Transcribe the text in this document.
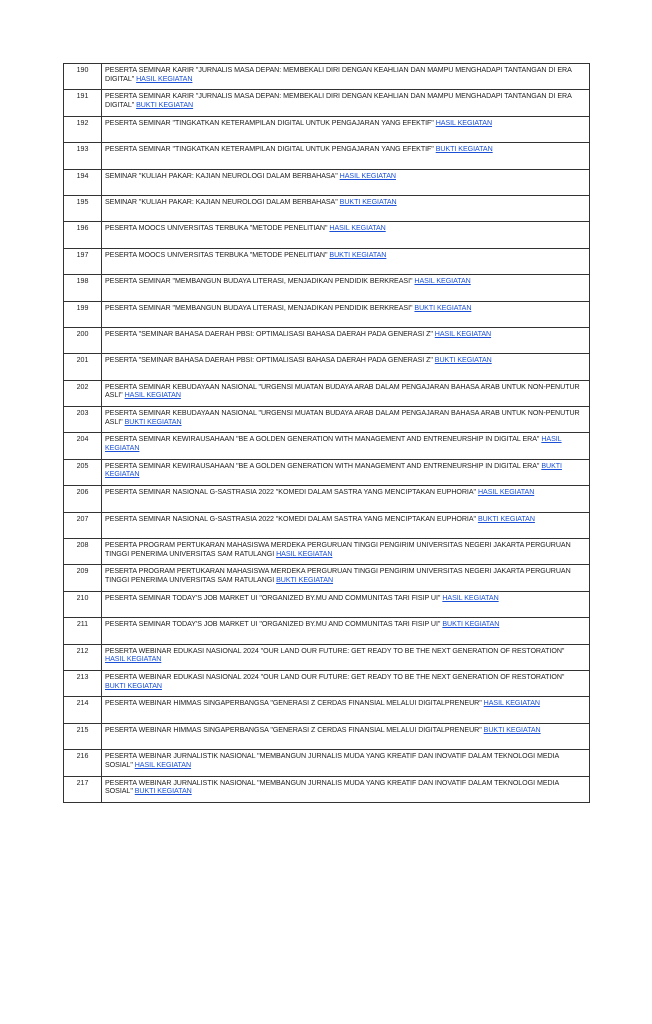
190	PESERTA SEMINAR KARIR "JURNALIS MASA DEPAN: MEMBEKALI DIRI DENGAN KEAHLIAN DAN MAMPU MENGHADAPI TANTANGAN DI ERA DIGITAL" HASIL KEGIATAN
191	PESERTA SEMINAR KARIR "JURNALIS MASA DEPAN: MEMBEKALI DIRI DENGAN KEAHLIAN DAN MAMPU MENGHADAPI TANTANGAN DI ERA DIGITAL" BUKTI KEGIATAN
192	PESERTA SEMINAR "TINGKATKAN KETERAMPILAN DIGITAL UNTUK PENGAJARAN YANG EFEKTIF" HASIL KEGIATAN
193	PESERTA SEMINAR "TINGKATKAN KETERAMPILAN DIGITAL UNTUK PENGAJARAN YANG EFEKTIF" BUKTI KEGIATAN
194	SEMINAR "KULIAH PAKAR: KAJIAN NEUROLOGI DALAM BERBAHASA" HASIL KEGIATAN
195	SEMINAR "KULIAH PAKAR: KAJIAN NEUROLOGI DALAM BERBAHASA" BUKTI KEGIATAN
196	PESERTA MOOCS UNIVERSITAS TERBUKA "METODE PENELITIAN" HASIL KEGIATAN
197	PESERTA MOOCS UNIVERSITAS TERBUKA "METODE PENELITIAN" BUKTI KEGIATAN
198	PESERTA SEMINAR "MEMBANGUN BUDAYA LITERASI, MENJADIKAN PENDIDIK BERKREASI" HASIL KEGIATAN
199	PESERTA SEMINAR "MEMBANGUN BUDAYA LITERASI, MENJADIKAN PENDIDIK BERKREASI" BUKTI KEGIATAN
200	PESERTA "SEMINAR BAHASA DAERAH PBSI: OPTIMALISASI BAHASA DAERAH PADA GENERASI Z" HASIL KEGIATAN
201	PESERTA "SEMINAR BAHASA DAERAH PBSI: OPTIMALISASI BAHASA DAERAH PADA GENERASI Z" BUKTI KEGIATAN
202	PESERTA SEMINAR KEBUDAYAAN NASIONAL "URGENSI MUATAN BUDAYA ARAB DALAM PENGAJARAN BAHASA ARAB UNTUK NON-PENUTUR ASLI" HASIL KEGIATAN
203	PESERTA SEMINAR KEBUDAYAAN NASIONAL "URGENSI MUATAN BUDAYA ARAB DALAM PENGAJARAN BAHASA ARAB UNTUK NON-PENUTUR ASLI" BUKTI KEGIATAN
204	PESERTA SEMINAR KEWIRAUSAHAAN "BE A GOLDEN GENERATION WITH MANAGEMENT AND ENTRENEURSHIP IN DIGITAL ERA" HASIL KEGIATAN
205	PESERTA SEMINAR KEWIRAUSAHAAN "BE A GOLDEN GENERATION WITH MANAGEMENT AND ENTRENEURSHIP IN DIGITAL ERA" BUKTI KEGIATAN
206	PESERTA SEMINAR NASIONAL G-SASTRASIA 2022 "KOMEDI DALAM SASTRA YANG MENCIPTAKAN EUPHORIA" HASIL KEGIATAN
207	PESERTA SEMINAR NASIONAL G-SASTRASIA 2022 "KOMEDI DALAM SASTRA YANG MENCIPTAKAN EUPHORIA" BUKTI KEGIATAN
208	PESERTA PROGRAM PERTUKARAN MAHASISWA MERDEKA PERGURUAN TINGGI PENGIRIM UNIVERSITAS NEGERI JAKARTA PERGURUAN TINGGI PENERIMA UNIVERSITAS SAM RATULANGI HASIL KEGIATAN
209	PESERTA PROGRAM PERTUKARAN MAHASISWA MERDEKA PERGURUAN TINGGI PENGIRIM UNIVERSITAS NEGERI JAKARTA PERGURUAN TINGGI PENERIMA UNIVERSITAS SAM RATULANGI BUKTI KEGIATAN
210	PESERTA SEMINAR TODAY'S JOB MARKET UI "ORGANIZED BY.MU AND COMMUNITAS TARI FISIP UI" HASIL KEGIATAN
211	PESERTA SEMINAR TODAY'S JOB MARKET UI "ORGANIZED BY.MU AND COMMUNITAS TARI FISIP UI" BUKTI KEGIATAN
212	PESERTA WEBINAR EDUKASI NASIONAL 2024 "OUR LAND OUR FUTURE: GET READY TO BE THE NEXT GENERATION OF RESTORATION" HASIL KEGIATAN
213	PESERTA WEBINAR EDUKASI NASIONAL 2024 "OUR LAND OUR FUTURE: GET READY TO BE THE NEXT GENERATION OF RESTORATION" BUKTI KEGIATAN
214	PESERTA WEBINAR HIMMAS SINGAPERBANGSA "GENERASI Z CERDAS FINANSIAL MELALUI DIGITALPRENEUR" HASIL KEGIATAN
215	PESERTA WEBINAR HIMMAS SINGAPERBANGSA "GENERASI Z CERDAS FINANSIAL MELALUI DIGITALPRENEUR" BUKTI KEGIATAN
216	PESERTA WEBINAR JURNALISTIK NASIONAL "MEMBANGUN JURNALIS MUDA YANG KREATIF DAN INOVATIF DALAM TEKNOLOGI MEDIA SOSIAL" HASIL KEGIATAN
217	PESERTA WEBINAR JURNALISTIK NASIONAL "MEMBANGUN JURNALIS MUDA YANG KREATIF DAN INOVATIF DALAM TEKNOLOGI MEDIA SOSIAL" BUKTI KEGIATAN
